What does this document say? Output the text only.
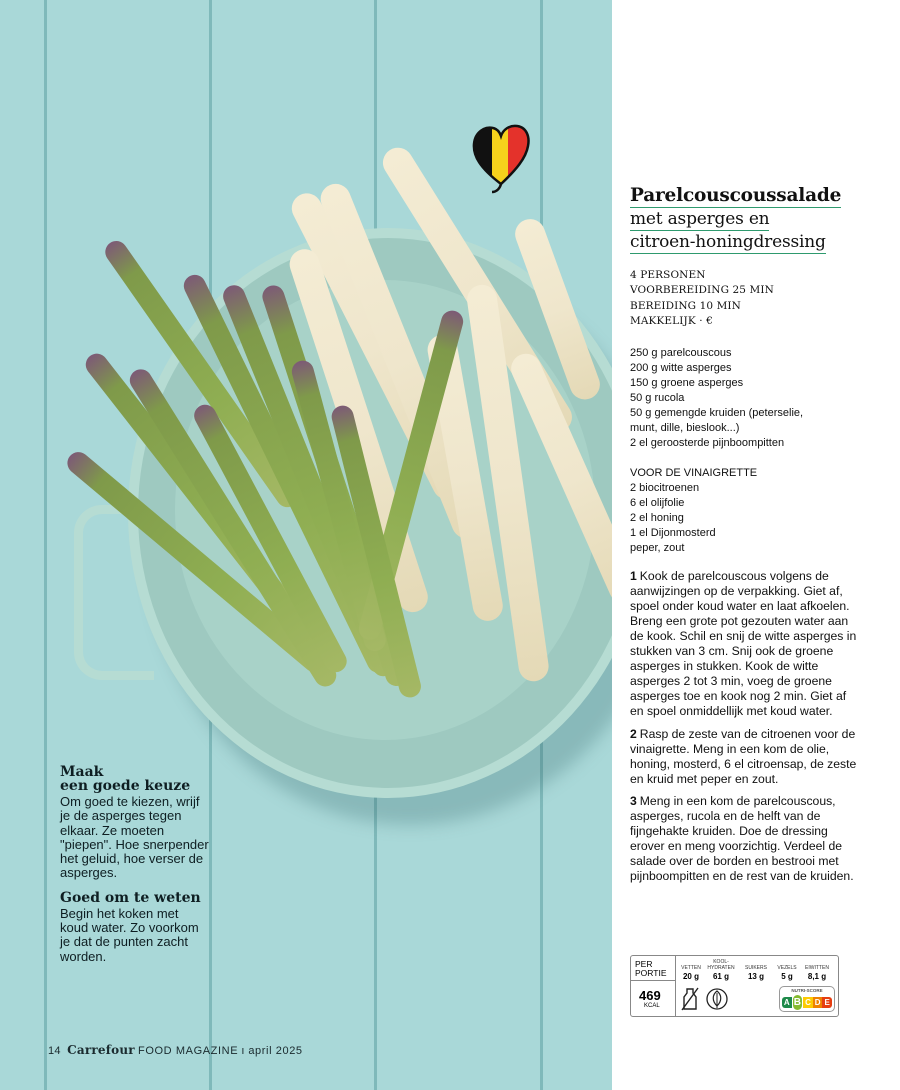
Maak
een goede keuze

Om goed te kiezen, wrijf je de asperges tegen elkaar. Ze moeten "piepen". Hoe snerpender het geluid, hoe verser de asperges.

Goed om te weten

Begin het koken met koud water. Zo voorkom je dat de punten zacht worden.

14 Carrefour FOOD MAGAZINE ı april 2025
Parelcouscoussalade

met asperges en

citroen-honingdressing

4 PERSONEN
VOORBEREIDING 25 MIN
BEREIDING 10 MIN
MAKKELIJK · €
250 g parelcouscous
200 g witte asperges
150 g groene asperges
50 g rucola
50 g gemengde kruiden (peterselie,
munt, dille, bieslook...)
2 el geroosterde pijnboompitten
VOOR DE VINAIGRETTE
2 biocitroenen
6 el olijfolie
2 el honing
1 el Dijonmosterd
peper, zout
1 Kook de parelcouscous volgens de aanwijzingen op de verpakking. Giet af, spoel onder koud water en laat afkoelen. Breng een grote pot gezouten water aan de kook. Schil en snij de witte asperges in stukken van 3 cm. Snij ook de groene asperges in stukken. Kook de witte asperges 2 tot 3 min, voeg de groene asperges toe en kook nog 2 min. Giet af en spoel onmiddellijk met koud water.
2 Rasp de zeste van de citroenen voor de vinaigrette. Meng in een kom de olie, honing, mosterd, 6 el citroensap, de zeste en kruid met peper en zout.
3 Meng in een kom de parelcouscous, asperges, rucola en de helft van de fijngehakte kruiden. Doe de dressing erover en meng voorzichtig. Verdeel de salade over de borden en bestrooi met pijnboompitten en de rest van de kruiden.
PER
PORTIE
469
KCAL
VETTEN
20 g
KOOL-HYDRATEN
61 g
SUIKERS
13 g
VEZELS
5 g
EIWITTEN
8,1 g
NUTRI-SCORE
A B C D E
